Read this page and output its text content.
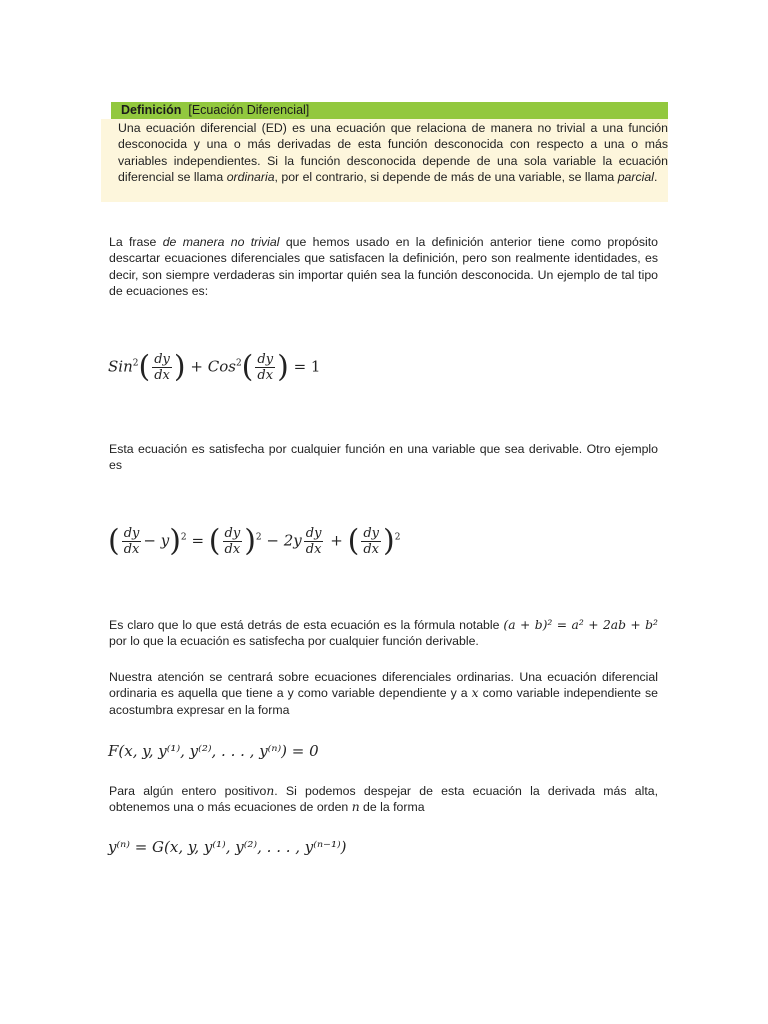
Definición [Ecuación Diferencial]
Una ecuación diferencial (ED) es una ecuación que relaciona de manera no trivial a una función desconocida y una o más derivadas de esta función desconocida con respecto a una o más variables independientes. Si la función desconocida depende de una sola variable la ecuación diferencial se llama ordinaria, por el contrario, si depende de más de una variable, se llama parcial.
La frase de manera no trivial que hemos usado en la definición anterior tiene como propósito descartar ecuaciones diferenciales que satisfacen la definición, pero son realmente identidades, es decir, son siempre verdaderas sin importar quién sea la función desconocida. Un ejemplo de tal tipo de ecuaciones es:
$Sin^2( \frac{dy}{dx}$ ) + $Cos^2( \frac{dy}{dx}$ ) = 1
Esta ecuación es satisfecha por cualquier función en una variable que sea derivable. Otro ejemplo es
( $\frac{dy}{dx} - y)^2$ = ( $\frac{dy}{dx} )^2 - 2y \frac{dy}{dx}$ + ( $\frac{dy}{dx} )^2$
Es claro que lo que está detrás de esta ecuación es la fórmula notable (a + b)² = a² + 2ab + b² por lo que la ecuación es satisfecha por cualquier función derivable.
Nuestra atención se centrará sobre ecuaciones diferenciales ordinarias. Una ecuación diferencial ordinaria es aquella que tiene a y como variable dependiente y a x como variable independiente se acostumbra expresar en la forma
F(x, y, y⁽¹⁾, y⁽²⁾, . . . , y⁽ⁿ⁾) = 0
Para algún entero positivon. Si podemos despejar de esta ecuación la derivada más alta, obtenemos una o más ecuaciones de orden n de la forma
y⁽ⁿ⁾ = G(x, y, y⁽¹⁾, y⁽²⁾, . . . , y⁽ⁿ⁻¹⁾)
